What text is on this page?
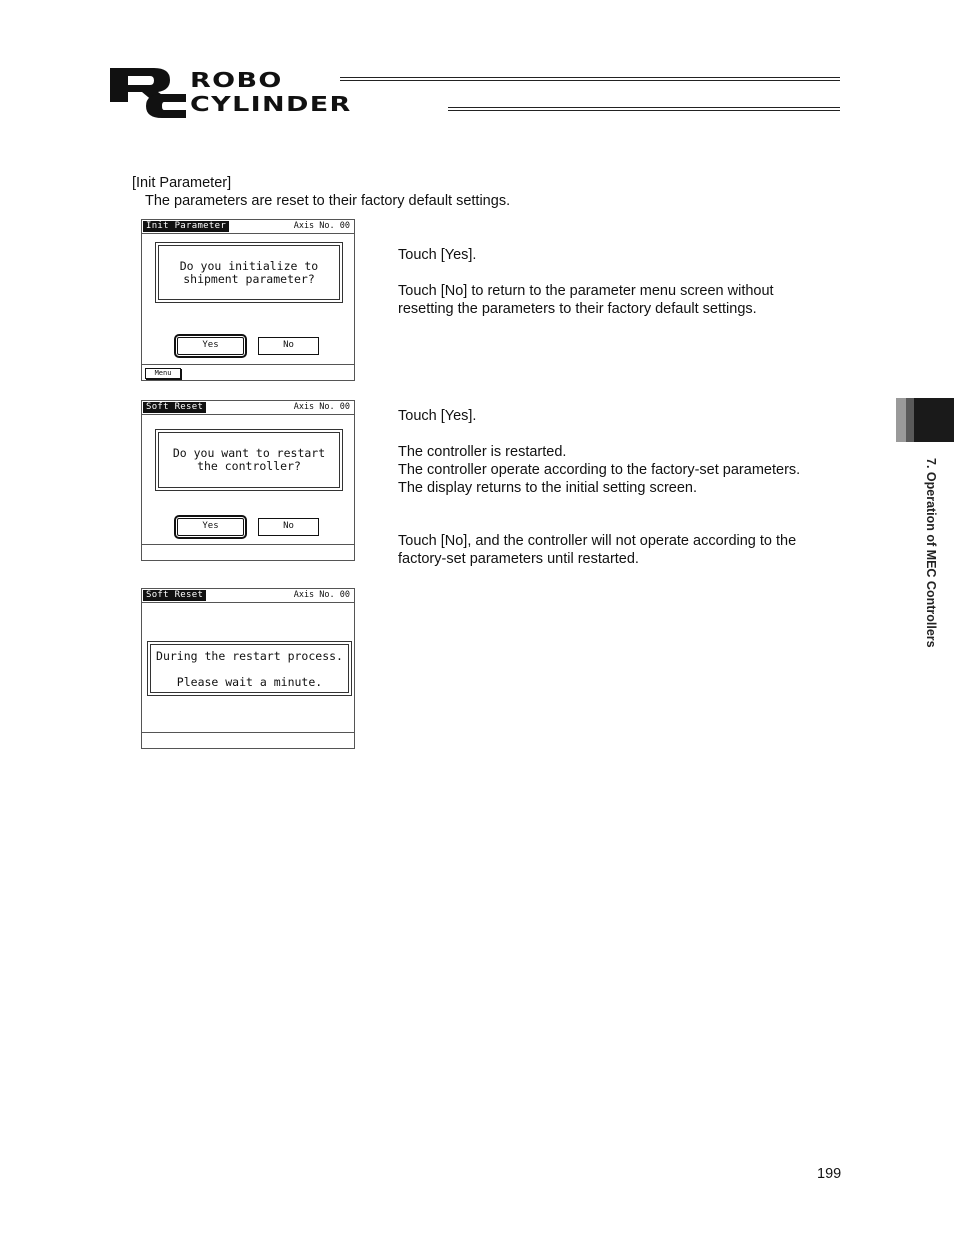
ROBO
CYLINDER
7. Operation of MEC Controllers
[Init Parameter]
The parameters are reset to their factory default settings.
Init Parameter	Axis No. 00
Do you initialize to
shipment parameter?
Yes	No
Menu
Soft Reset	Axis No. 00
Do you want to restart
the controller?
Yes	No
Soft Reset	Axis No. 00
During the restart process.
Please wait a minute.
Touch [Yes].
Touch [No] to return to the parameter menu screen without
resetting the parameters to their factory default settings.
Touch [Yes].
The controller is restarted.
The controller operate according to the factory-set parameters.
The display returns to the initial setting screen.
Touch [No], and the controller will not operate according to the
factory-set parameters until restarted.
199
